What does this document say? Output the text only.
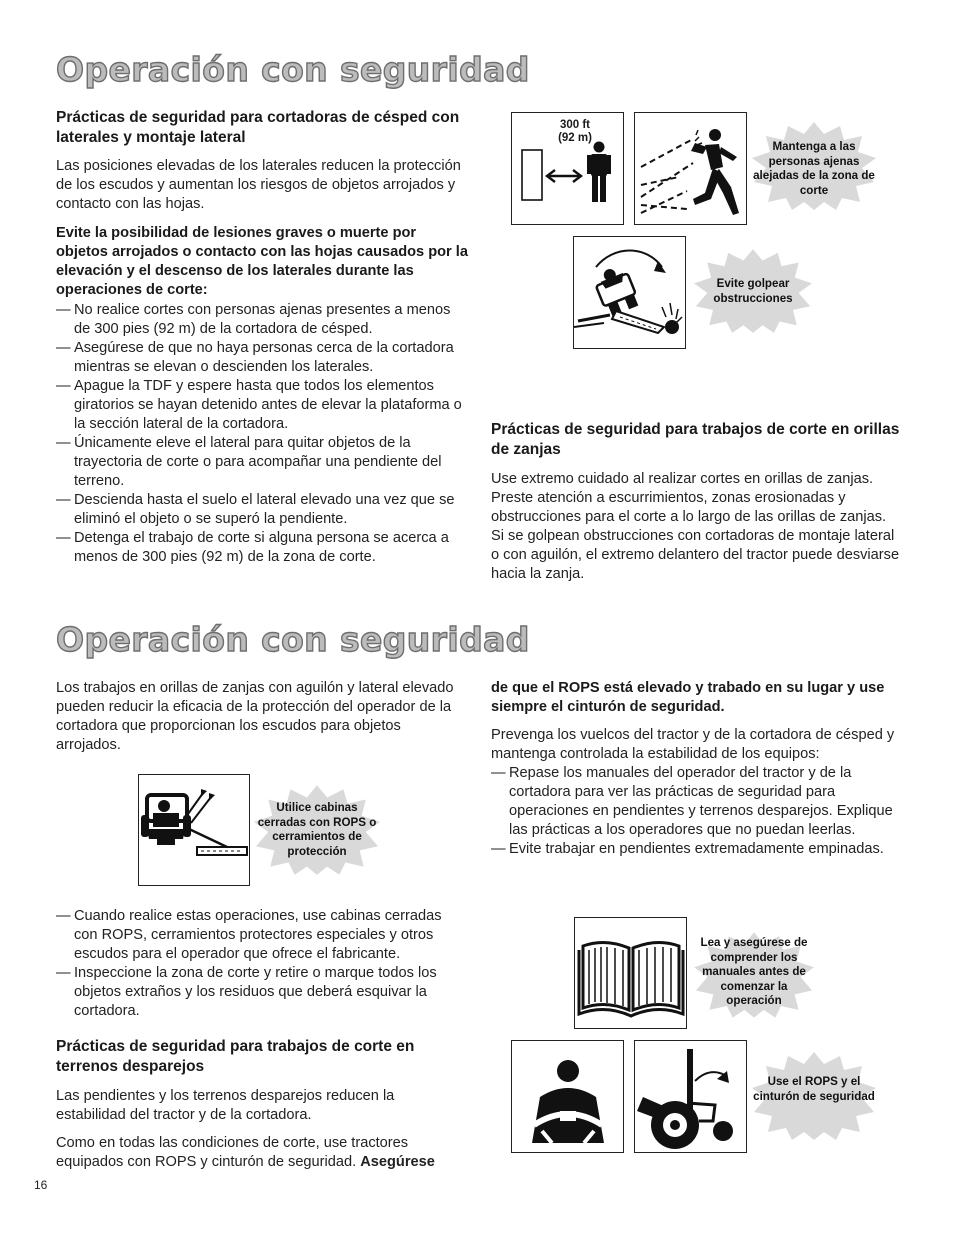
Operación con seguridad
Operación con seguridad
Prácticas de seguridad para cortadoras de césped con laterales y montaje lateral
Las posiciones elevadas de los laterales reducen la protección de los escudos y aumentan los riesgos de objetos arrojados y contacto con las hojas.
Evite la posibilidad de lesiones graves o muerte por objetos arrojados o contacto con las hojas causados por la elevación y el descenso de los laterales durante las operaciones de corte:
— No realice cortes con personas ajenas presentes a menos de 300 pies (92 m) de la cortadora de césped.
— Asegúrese de que no haya personas cerca de la cortadora mientras se elevan o descienden los laterales.
— Apague la TDF y espere hasta que todos los elementos giratorios se hayan detenido antes de elevar la plataforma o la sección lateral de la cortadora.
— Únicamente eleve el lateral para quitar objetos de la trayectoria de corte o para acompañar una pendiente del terreno.
— Descienda hasta el suelo el lateral elevado una vez que se eliminó el objeto o se superó la pendiente.
— Detenga el trabajo de corte si alguna persona se acerca a menos de 300 pies (92 m) de la zona de corte.
300 ft
(92 m)
Mantenga a las personas ajenas alejadas de la zona de corte
Evite golpear obstrucciones
Prácticas de seguridad para trabajos de corte en orillas de zanjas
Use extremo cuidado al realizar cortes en orillas de zanjas. Preste atención a escurrimientos, zonas erosionadas y obstrucciones para el corte a lo largo de las orillas de zanjas. Si se golpean obstrucciones con cortadoras de montaje lateral o con aguilón, el extremo delantero del tractor puede desviarse hacia la zanja.
Los trabajos en orillas de zanjas con aguilón y lateral elevado pueden reducir la eficacia de la protección del operador de la cortadora que proporcionan los escudos para objetos arrojados.
Utilice cabinas cerradas con ROPS o cerramientos de protección
— Cuando realice estas operaciones, use cabinas cerradas con ROPS, cerramientos protectores especiales y otros escudos para el operador que ofrece el fabricante.
— Inspeccione la zona de corte y retire o marque todos los objetos extraños y los residuos que deberá esquivar la cortadora.
Prácticas de seguridad para trabajos de corte en terrenos desparejos
Las pendientes y los terrenos desparejos reducen la estabilidad del tractor y de la cortadora.
Como en todas las condiciones de corte, use tractores equipados con ROPS y cinturón de seguridad. Asegúrese
de que el ROPS está elevado y trabado en su lugar y use siempre el cinturón de seguridad.
Prevenga los vuelcos del tractor y de la cortadora de césped y mantenga controlada la estabilidad de los equipos:
— Repase los manuales del operador del tractor y de la cortadora para ver las prácticas de seguridad para operaciones en pendientes y terrenos desparejos. Explique las prácticas a los operadores que no puedan leerlas.
— Evite trabajar en pendientes extremadamente empinadas.
Lea y asegúrese de comprender los manuales antes de comenzar la operación
Use el ROPS y el cinturón de seguridad
16
